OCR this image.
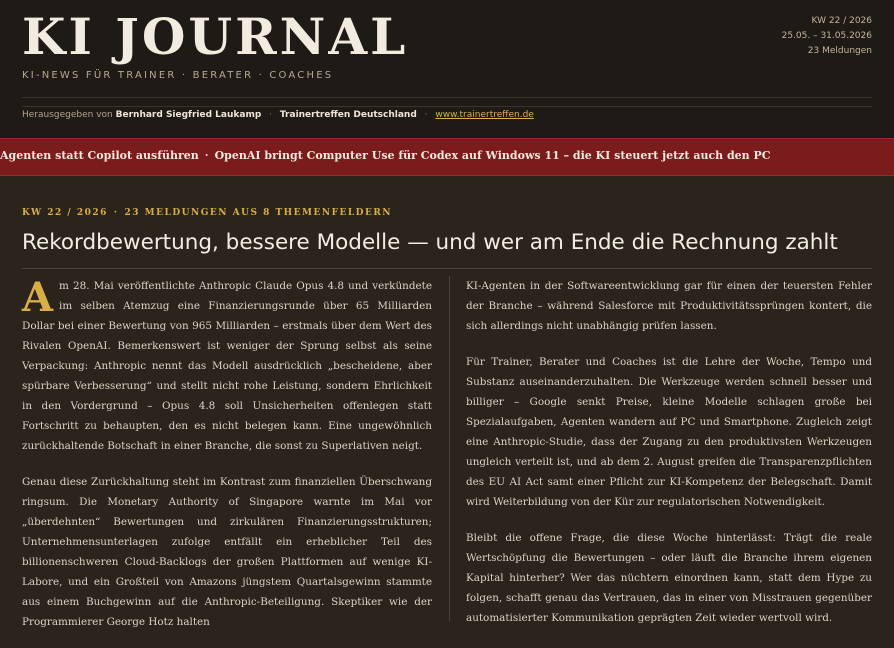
KI JOURNAL
KI-NEWS FÜR TRAINER · BERATER · COACHES
KW 22 / 2026
25.05. – 31.05.2026
23 Meldungen
Herausgegeben von Bernhard Siegfried Laukamp · Trainertreffen Deutschland · www.trainertreffen.de
Agenten statt Copilot ausführen · OpenAI bringt Computer Use für Codex auf Windows 11 – die KI steuert jetzt auch den PC
KW 22 / 2026 · 23 MELDUNGEN AUS 8 THEMENFELDERN
Rekordbewertung, bessere Modelle — und wer am Ende die Rechnung zahlt

Am 28. Mai veröffentlichte Anthropic Claude Opus 4.8 und verkündete im selben Atemzug eine Finanzierungsrunde über 65 Milliarden Dollar bei einer Bewertung von 965 Milliarden – erstmals über dem Wert des Rivalen OpenAI. Bemerkenswert ist weniger der Sprung selbst als seine Verpackung: Anthropic nennt das Modell ausdrücklich „bescheidene, aber spürbare Verbesserung“ und stellt nicht rohe Leistung, sondern Ehrlichkeit in den Vordergrund – Opus 4.8 soll Unsicherheiten offenlegen statt Fortschritt zu behaupten, den es nicht belegen kann. Eine ungewöhnlich zurückhaltende Botschaft in einer Branche, die sonst zu Superlativen neigt.

Genau diese Zurückhaltung steht im Kontrast zum finanziellen Überschwang ringsum. Die Monetary Authority of Singapore warnte im Mai vor „überdehnten“ Bewertungen und zirkulären Finanzierungsstrukturen; Unternehmensunterlagen zufolge entfällt ein erheblicher Teil des billionenschweren Cloud-Backlogs der großen Plattformen auf wenige KI-Labore, und ein Großteil von Amazons jüngstem Quartalsgewinn stammte aus einem Buchgewinn auf die Anthropic-Beteiligung. Skeptiker wie der Programmierer George Hotz halten

KI-Agenten in der Softwareentwicklung gar für einen der teuersten Fehler der Branche – während Salesforce mit Produktivitätssprüngen kontert, die sich allerdings nicht unabhängig prüfen lassen.

Für Trainer, Berater und Coaches ist die Lehre der Woche, Tempo und Substanz auseinanderzuhalten. Die Werkzeuge werden schnell besser und billiger – Google senkt Preise, kleine Modelle schlagen große bei Spezialaufgaben, Agenten wandern auf PC und Smartphone. Zugleich zeigt eine Anthropic-Studie, dass der Zugang zu den produktivsten Werkzeugen ungleich verteilt ist, und ab dem 2. August greifen die Transparenzpflichten des EU AI Act samt einer Pflicht zur KI-Kompetenz der Belegschaft. Damit wird Weiterbildung von der Kür zur regulatorischen Notwendigkeit.

Bleibt die offene Frage, die diese Woche hinterlässt: Trägt die reale Wertschöpfung die Bewertungen – oder läuft die Branche ihrem eigenen Kapital hinterher? Wer das nüchtern einordnen kann, statt dem Hype zu folgen, schafft genau das Vertrauen, das in einer von Misstrauen gegenüber automatisierter Kommunikation geprägten Zeit wieder wertvoll wird.
